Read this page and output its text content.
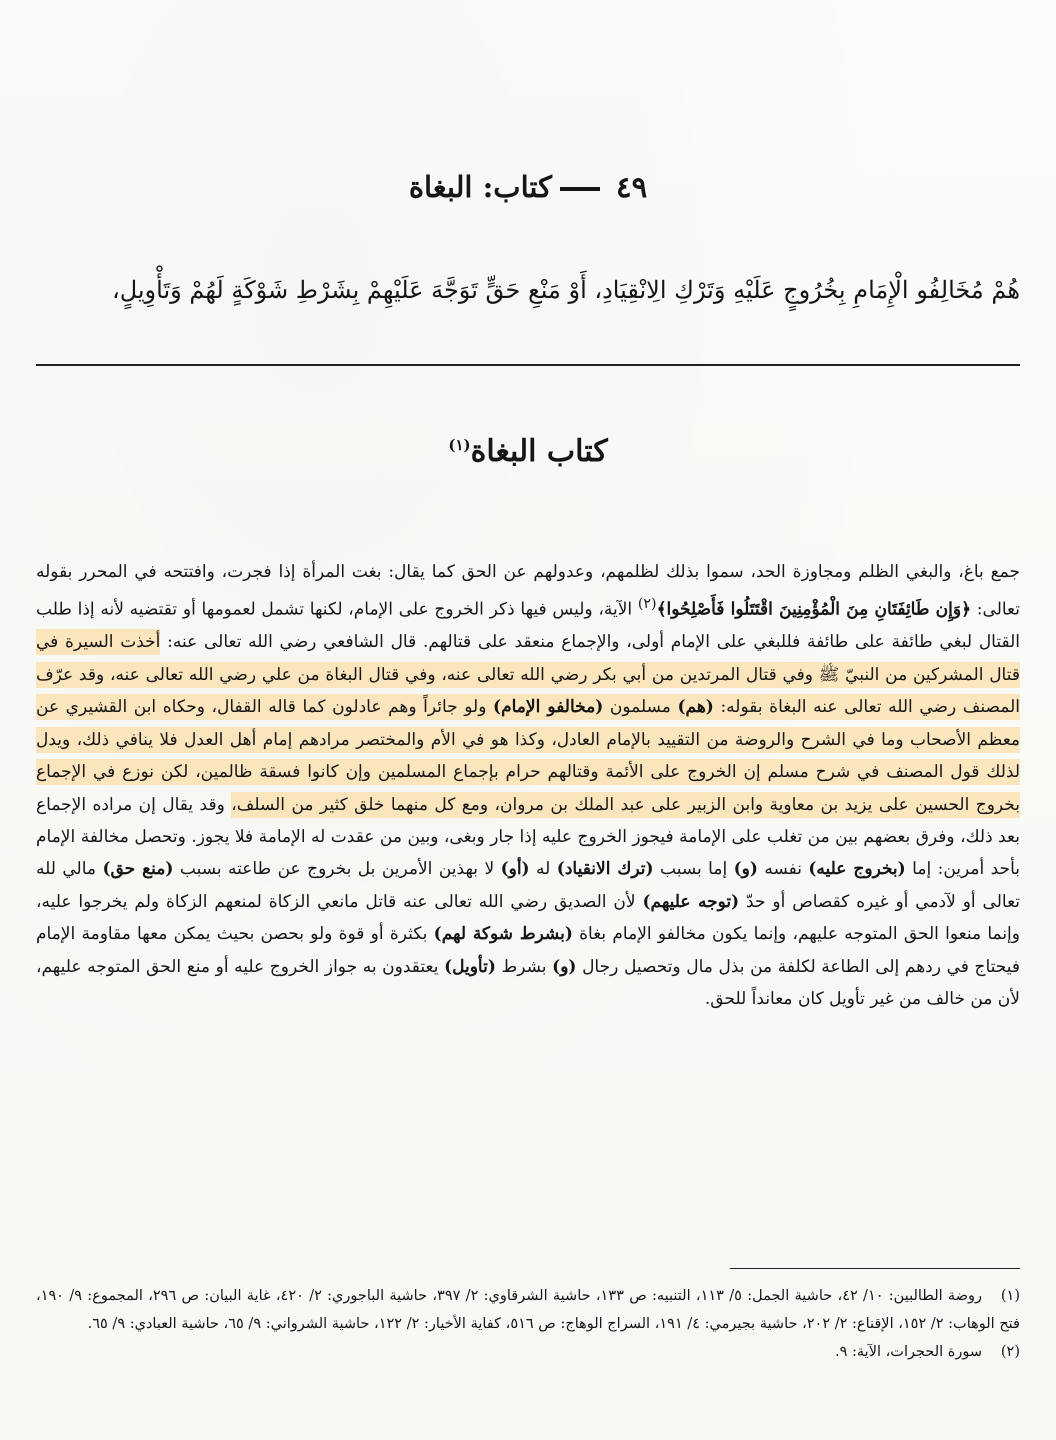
٤٩كتاب: البغاة
هُمْ مُخَالِفُو الْإِمَامِ بِخُرُوجٍ عَلَيْهِ وَتَرْكِ الِانْقِيَادِ، أَوْ مَنْعِ حَقٍّ تَوَجَّهَ عَلَيْهِمْ بِشَرْطِ شَوْكَةٍ لَهُمْ وَتَأْوِيلٍ،
كتاب البغاة$^{(١)}$
جمع باغ، والبغي الظلم ومجاوزة الحد، سموا بذلك لظلمهم، وعدولهم عن الحق كما يقال: بغت المرأة إذا فجرت، وافتتحه في المحرر بقوله تعالى: ﴿وَإِن طَائِفَتَانِ مِنَ الْمُؤْمِنِينَ اقْتَتَلُوا فَأَصْلِحُوا﴾$^{(٢)}$ الآية، وليس فيها ذكر الخروج على الإمام، لكنها تشمل لعمومها أو تقتضيه لأنه إذا طلب القتال لبغي طائفة على طائفة فللبغي على الإمام أولى، والإجماع منعقد على قتالهم. قال الشافعي رضي الله تعالى عنه: أخذت السيرة في قتال المشركين من النبيّ ﷺ وفي قتال المرتدين من أبي بكر رضي الله تعالى عنه، وفي قتال البغاة من علي رضي الله تعالى عنه، وقد عرّف المصنف رضي الله تعالى عنه البغاة بقوله: (هم) مسلمون (مخالفو الإمام) ولو جائراً وهم عادلون كما قاله القفال، وحكاه ابن القشيري عن معظم الأصحاب وما في الشرح والروضة من التقييد بالإمام العادل، وكذا هو في الأم والمختصر مرادهم إمام أهل العدل فلا ينافي ذلك، ويدل لذلك قول المصنف في شرح مسلم إن الخروج على الأئمة وقتالهم حرام بإجماع المسلمين وإن كانوا فسقة ظالمين، لكن نوزع في الإجماع بخروج الحسين على يزيد بن معاوية وابن الزبير على عبد الملك بن مروان، ومع كل منهما خلق كثير من السلف، وقد يقال إن مراده الإجماع بعد ذلك، وفرق بعضهم بين من تغلب على الإمامة فيجوز الخروج عليه إذا جار وبغى، وبين من عقدت له الإمامة فلا يجوز. وتحصل مخالفة الإمام بأحد أمرين: إما (بخروج عليه) نفسه (و) إما بسبب (ترك الانقياد) له (أو) لا بهذين الأمرين بل بخروج عن طاعته بسبب (منع حق) مالي لله تعالى أو لآدمي أو غيره كقصاص أو حدّ (توجه عليهم) لأن الصديق رضي الله تعالى عنه قاتل مانعي الزكاة لمنعهم الزكاة ولم يخرجوا عليه، وإنما منعوا الحق المتوجه عليهم، وإنما يكون مخالفو الإمام بغاة (بشرط شوكة لهم) بكثرة أو قوة ولو بحصن بحيث يمكن معها مقاومة الإمام فيحتاج في ردهم إلى الطاعة لكلفة من بذل مال وتحصيل رجال (و) بشرط (تأويل) يعتقدون به جواز الخروج عليه أو منع الحق المتوجه عليهم، لأن من خالف من غير تأويل كان معانداً للحق.
(١)روضة الطالبين: ١٠/ ٤٢، حاشية الجمل: ٥/ ١١٣، التنبيه: ص ١٣٣، حاشية الشرقاوي: ٢/ ٣٩٧، حاشية الباجوري: ٢/ ٤٢٠، غاية البيان: ص ٢٩٦، المجموع: ٩/ ١٩٠، فتح الوهاب: ٢/ ١٥٢، الإقناع: ٢/ ٢٠٢، حاشية بجيرمي: ٤/ ١٩١، السراج الوهاج: ص ٥١٦، كفاية الأخيار: ٢/ ١٢٢، حاشية الشرواني: ٩/ ٦٥، حاشية العبادي: ٩/ ٦٥.
(٢)سورة الحجرات، الآية: ٩.
